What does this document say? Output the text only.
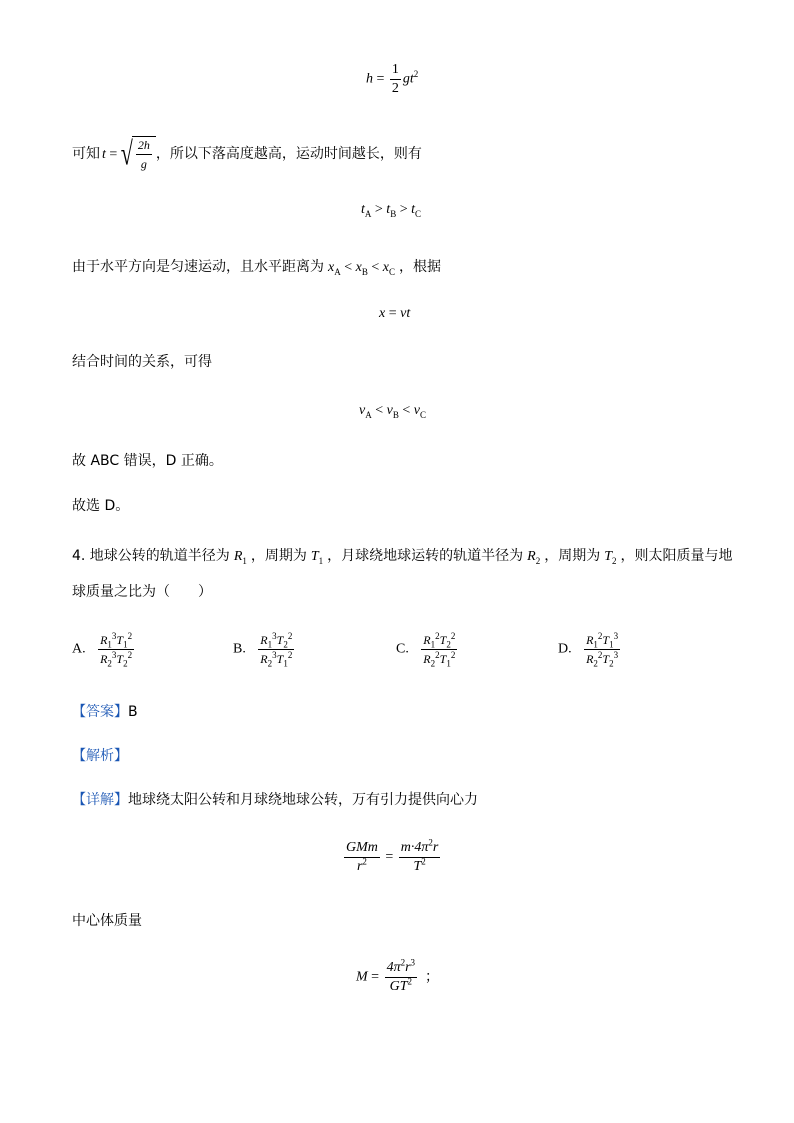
$h = \frac{1}{2} gt^2$
可知 t = √ $\frac{2h}{g}$ ，所以下落高度越高，运动时间越长，则有
$t_A > t_B > t_C$
由于水平方向是匀速运动，且水平距离为 $x_A < x_B < x_C$ ，根据
x = vt
结合时间的关系，可得
$v_A < v_B < v_C$
故 ABC 错误，D 正确。
故选 D。
4. 地球公转的轨道半径为 $R_1$ ，周期为 $T_1$ ，月球绕地球运转的轨道半径为 $R_2$ ，周期为 $T_2$ ，则太阳质量与地
球质量之比为（　　）
A. $\frac{R_1^3T_1^2}{R_2^3T_2^2}$	B. $\frac{R_1^3T_2^2}{R_2^3T_1^2}$	C. $\frac{R_1^2T_2^2}{R_2^2T_1^2}$	D. $\frac{R_1^2T_1^3}{R_2^2T_2^3}$
【答案】B
【解析】
【详解】地球绕太阳公转和月球绕地球公转，万有引力提供向心力
$\frac{\text{GMm}}{r^2} = \frac{m\cdot 4\pi^2r}{T^2}$
中心体质量
$M = \frac{4\pi^2r^3}{GT^2}$ ；
